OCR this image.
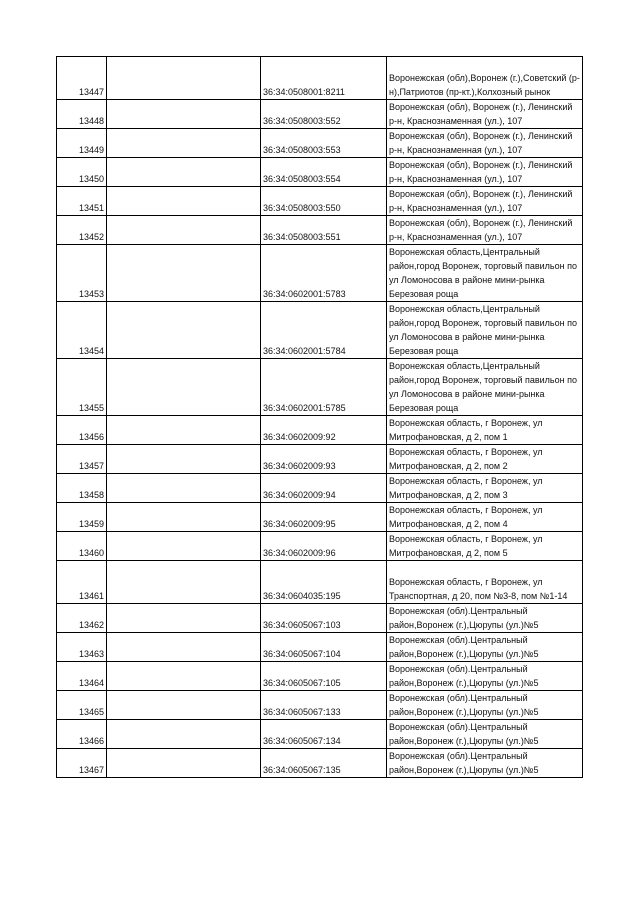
13447		36:34:0508001:8211	Воронежская (обл),Воронеж (г.),Советский (р-н),Патриотов (пр-кт.),Колхозный рынок
13448		36:34:0508003:552	Воронежская (обл), Воронеж (г.), Ленинский р-н, Краснознаменная (ул.), 107
13449		36:34:0508003:553	Воронежская (обл), Воронеж (г.), Ленинский р-н, Краснознаменная (ул.), 107
13450		36:34:0508003:554	Воронежская (обл), Воронеж (г.), Ленинский р-н, Краснознаменная (ул.), 107
13451		36:34:0508003:550	Воронежская (обл), Воронеж (г.), Ленинский р-н, Краснознаменная (ул.), 107
13452		36:34:0508003:551	Воронежская (обл), Воронеж (г.), Ленинский р-н, Краснознаменная (ул.), 107
13453		36:34:0602001:5783	Воронежская область,Центральный район,город Воронеж, торговый павильон по ул Ломоносова в районе мини-рынка Березовая роща
13454		36:34:0602001:5784	Воронежская область,Центральный район,город Воронеж, торговый павильон по ул Ломоносова в районе мини-рынка Березовая роща
13455		36:34:0602001:5785	Воронежская область,Центральный район,город Воронеж, торговый павильон по ул Ломоносова в районе мини-рынка Березовая роща
13456		36:34:0602009:92	Воронежская область, г Воронеж, ул Митрофановская, д 2, пом 1
13457		36:34:0602009:93	Воронежская область, г Воронеж, ул Митрофановская, д 2, пом 2
13458		36:34:0602009:94	Воронежская область, г Воронеж, ул Митрофановская, д 2, пом 3
13459		36:34:0602009:95	Воронежская область, г Воронеж, ул Митрофановская, д 2, пом 4
13460		36:34:0602009:96	Воронежская область, г Воронеж, ул Митрофановская, д 2, пом 5
13461		36:34:0604035:195	Воронежская область, г Воронеж, ул Транспортная, д 20, пом №3-8, пом №1-14
13462		36:34:0605067:103	Воронежская (обл).Центральный район,Воронеж (г.),Цюрупы (ул.)№5
13463		36:34:0605067:104	Воронежская (обл).Центральный район,Воронеж (г.),Цюрупы (ул.)№5
13464		36:34:0605067:105	Воронежская (обл).Центральный район,Воронеж (г.),Цюрупы (ул.)№5
13465		36:34:0605067:133	Воронежская (обл).Центральный район,Воронеж (г.),Цюрупы (ул.)№5
13466		36:34:0605067:134	Воронежская (обл).Центральный район,Воронеж (г.),Цюрупы (ул.)№5
13467		36:34:0605067:135	Воронежская (обл).Центральный район,Воронеж (г.),Цюрупы (ул.)№5
